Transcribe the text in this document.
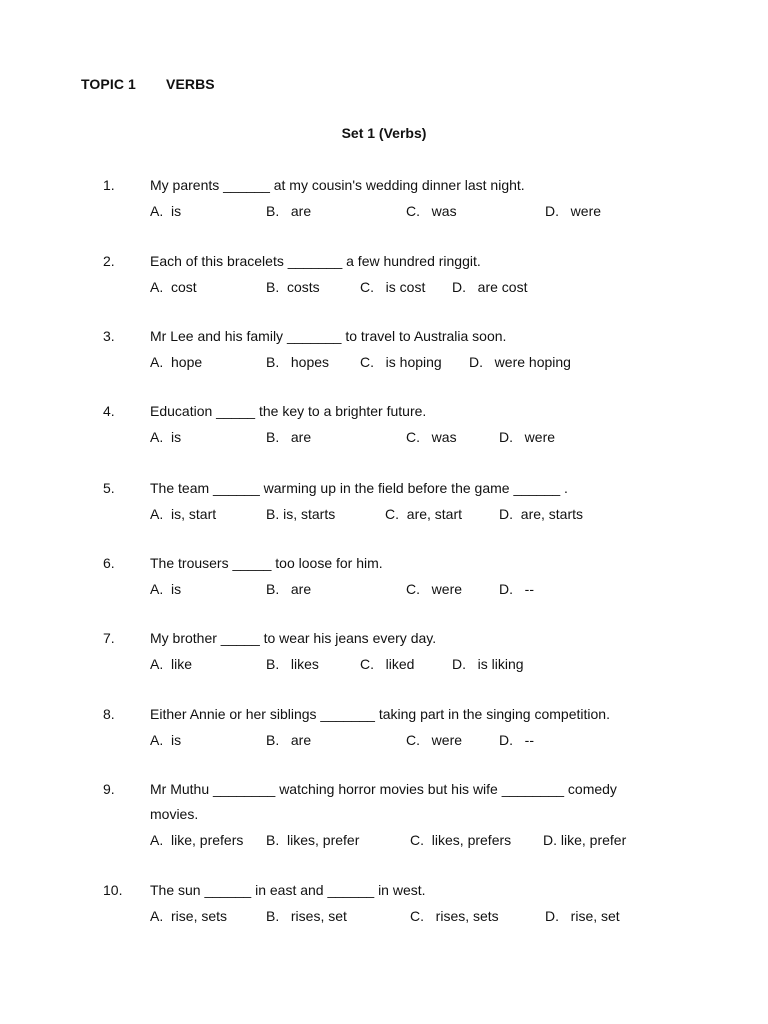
TOPIC 1 VERBS
Set 1 (Verbs)
1.	My parents ______ at my cousin's wedding dinner last night.
A.  is	B.   are	C.   was	D.   were
2.	Each of this bracelets _______ a few hundred ringgit.
A.  cost	B.  costs	C.   is cost D.   are cost
3.	Mr Lee and his family _______ to travel to Australia soon.
A.  hope	B.   hopes C.   is hoping D.   were hoping
4.	Education _____ the key to a brighter future.
A.  is	B.   are	C.   was	D.   were
5.	The team ______ warming up in the field before the game ______ .
A.  is, start	B. is, starts	C.  are, start	D.  are, starts
6.	The trousers _____ too loose for him.
A.  is	B.   are	C.   were	D.   --
7.	My brother _____ to wear his jeans every day.
A.  like	B.   likes	C.   liked	D.   is liking
8.	Either Annie or her siblings _______ taking part in the singing competition.
A.  is	B.   are	C.   were	D.   --
9.	Mr Muthu ________ watching horror movies but his wife ________ comedy
movies.
A.  like, prefers B.  likes, prefer	C.  likes, prefers D. like, prefer
10. The sun ______ in east and ______ in west.
A.  rise, sets	B.   rises, set	C.   rises, sets	D.   rise, set
